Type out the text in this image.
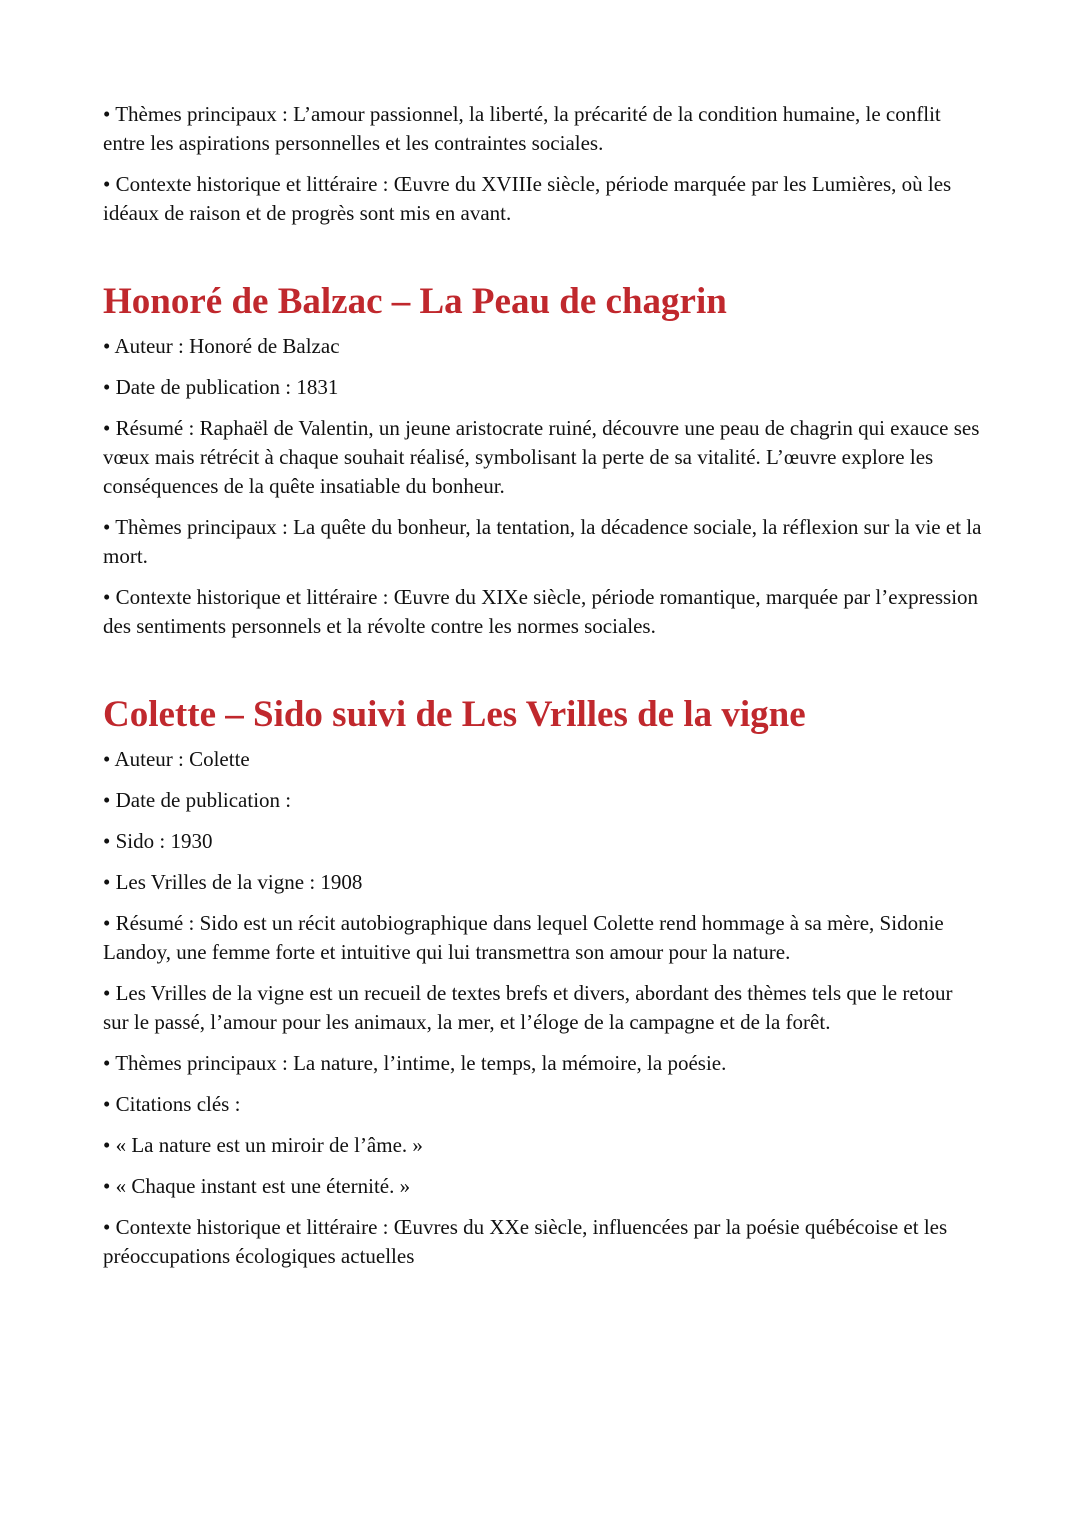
• Thèmes principaux : L’amour passionnel, la liberté, la précarité de la condition humaine, le conflit entre les aspirations personnelles et les contraintes sociales.

• Contexte historique et littéraire : Œuvre du XVIIIe siècle, période marquée par les Lumières, où les idéaux de raison et de progrès sont mis en avant.

Honoré de Balzac – La Peau de chagrin

• Auteur : Honoré de Balzac

• Date de publication : 1831

• Résumé : Raphaël de Valentin, un jeune aristocrate ruiné, découvre une peau de chagrin qui exauce ses vœux mais rétrécit à chaque souhait réalisé, symbolisant la perte de sa vitalité. L’œuvre explore les conséquences de la quête insatiable du bonheur.

• Thèmes principaux : La quête du bonheur, la tentation, la décadence sociale, la réflexion sur la vie et la mort.

• Contexte historique et littéraire : Œuvre du XIXe siècle, période romantique, marquée par l’expression des sentiments personnels et la révolte contre les normes sociales.

Colette – Sido suivi de Les Vrilles de la vigne

• Auteur : Colette

• Date de publication :

• Sido : 1930

• Les Vrilles de la vigne : 1908

• Résumé : Sido est un récit autobiographique dans lequel Colette rend hommage à sa mère, Sidonie Landoy, une femme forte et intuitive qui lui transmettra son amour pour la nature.

• Les Vrilles de la vigne est un recueil de textes brefs et divers, abordant des thèmes tels que le retour sur le passé, l’amour pour les animaux, la mer, et l’éloge de la campagne et de la forêt.

• Thèmes principaux : La nature, l’intime, le temps, la mémoire, la poésie.

• Citations clés :

• « La nature est un miroir de l’âme. »

• « Chaque instant est une éternité. »

• Contexte historique et littéraire : Œuvres du XXe siècle, influencées par la poésie québécoise et les préoccupations écologiques actuelles
